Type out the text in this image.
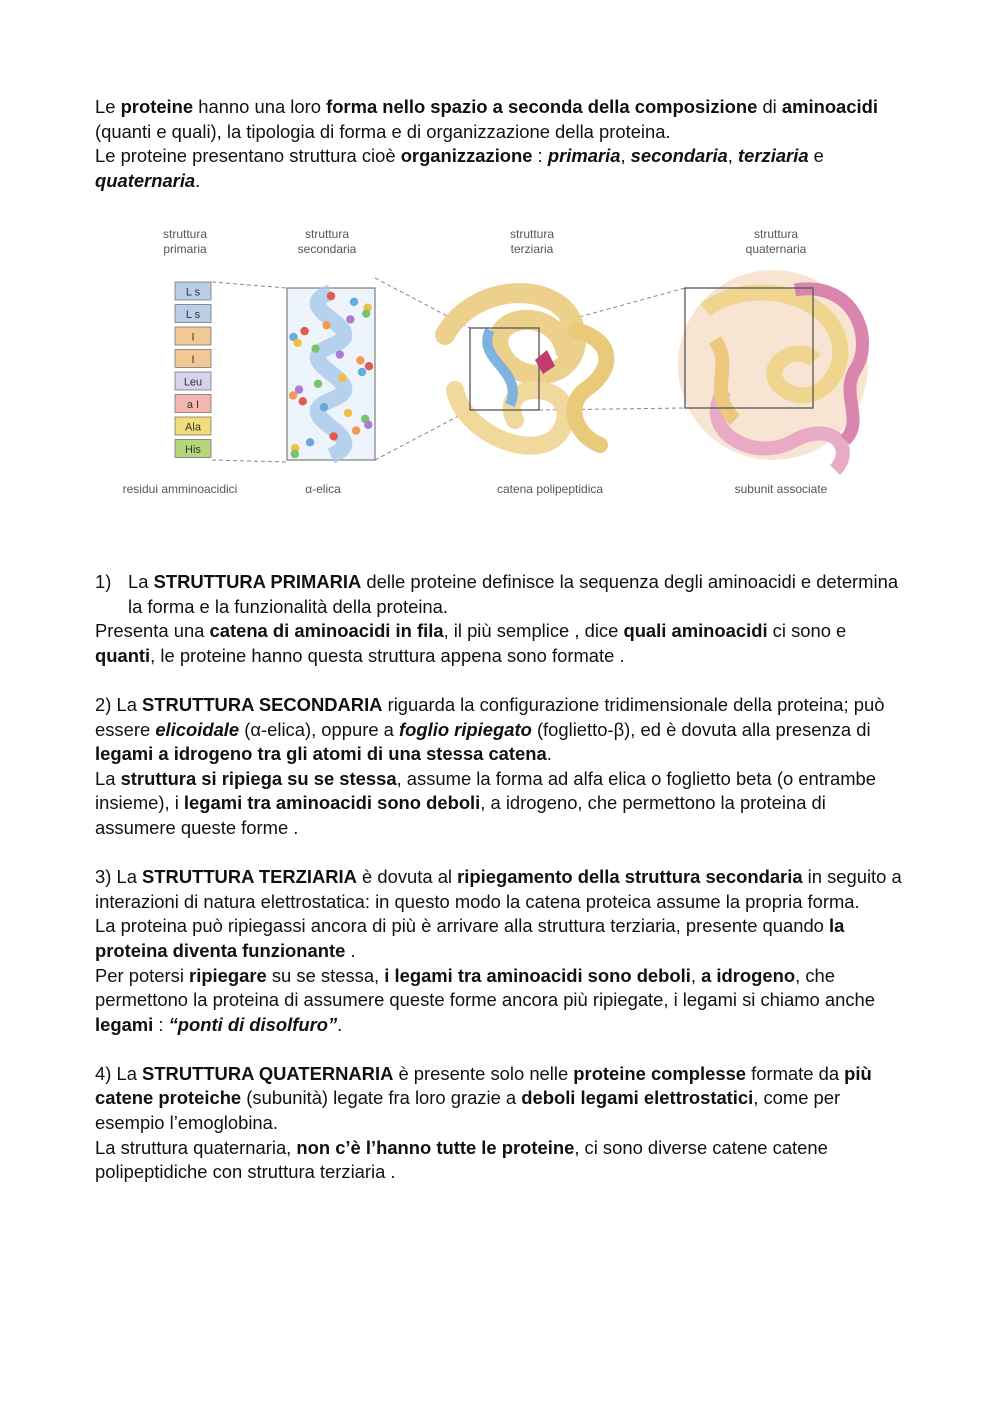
Le proteine hanno una loro forma nello spazio a seconda della composizione di aminoacidi (quanti e quali), la tipologia di forma e di organizzazione della proteina.

Le proteine presentano struttura cioè organizzazione : primaria, secondaria, terziaria e quaternaria.

struttura
primaria
struttura
secondaria
struttura
terziaria
struttura
quaternaria
L s
L s
I
I
Leu
a I
Ala
His
residui amminoacidici	α-elica	catena polipeptidica	subunit associate

1) La STRUTTURA PRIMARIA delle proteine definisce la sequenza degli aminoacidi e determina la forma e la funzionalità della proteina.

Presenta una catena di aminoacidi in fila, il più semplice , dice quali aminoacidi ci sono e quanti, le proteine hanno questa struttura appena sono formate .

2) La STRUTTURA SECONDARIA riguarda la configurazione tridimensionale della proteina; può essere elicoidale (α-elica), oppure a foglio ripiegato (foglietto-β), ed è dovuta alla presenza di legami a idrogeno tra gli atomi di una stessa catena.

La struttura si ripiega su se stessa, assume la forma ad alfa elica o foglietto beta (o entrambe insieme), i legami tra aminoacidi sono deboli, a idrogeno, che permettono la proteina di assumere queste forme .

3) La STRUTTURA TERZIARIA è dovuta al ripiegamento della struttura secondaria in seguito a interazioni di natura elettrostatica: in questo modo la catena proteica assume la propria forma.

La proteina può ripiegassi ancora di più è arrivare alla struttura terziaria, presente quando la proteina diventa funzionante .

Per potersi ripiegare su se stessa, i legami tra aminoacidi sono deboli, a idrogeno, che permettono la proteina di assumere queste forme ancora più ripiegate, i legami si chiamo anche legami : “ponti di disolfuro”.

4) La STRUTTURA QUATERNARIA è presente solo nelle proteine complesse formate da più catene proteiche (subunità) legate fra loro grazie a deboli legami elettrostatici, come per esempio l’emoglobina.

La struttura quaternaria, non c’è l’hanno tutte le proteine, ci sono diverse catene catene polipeptidiche con struttura terziaria .
